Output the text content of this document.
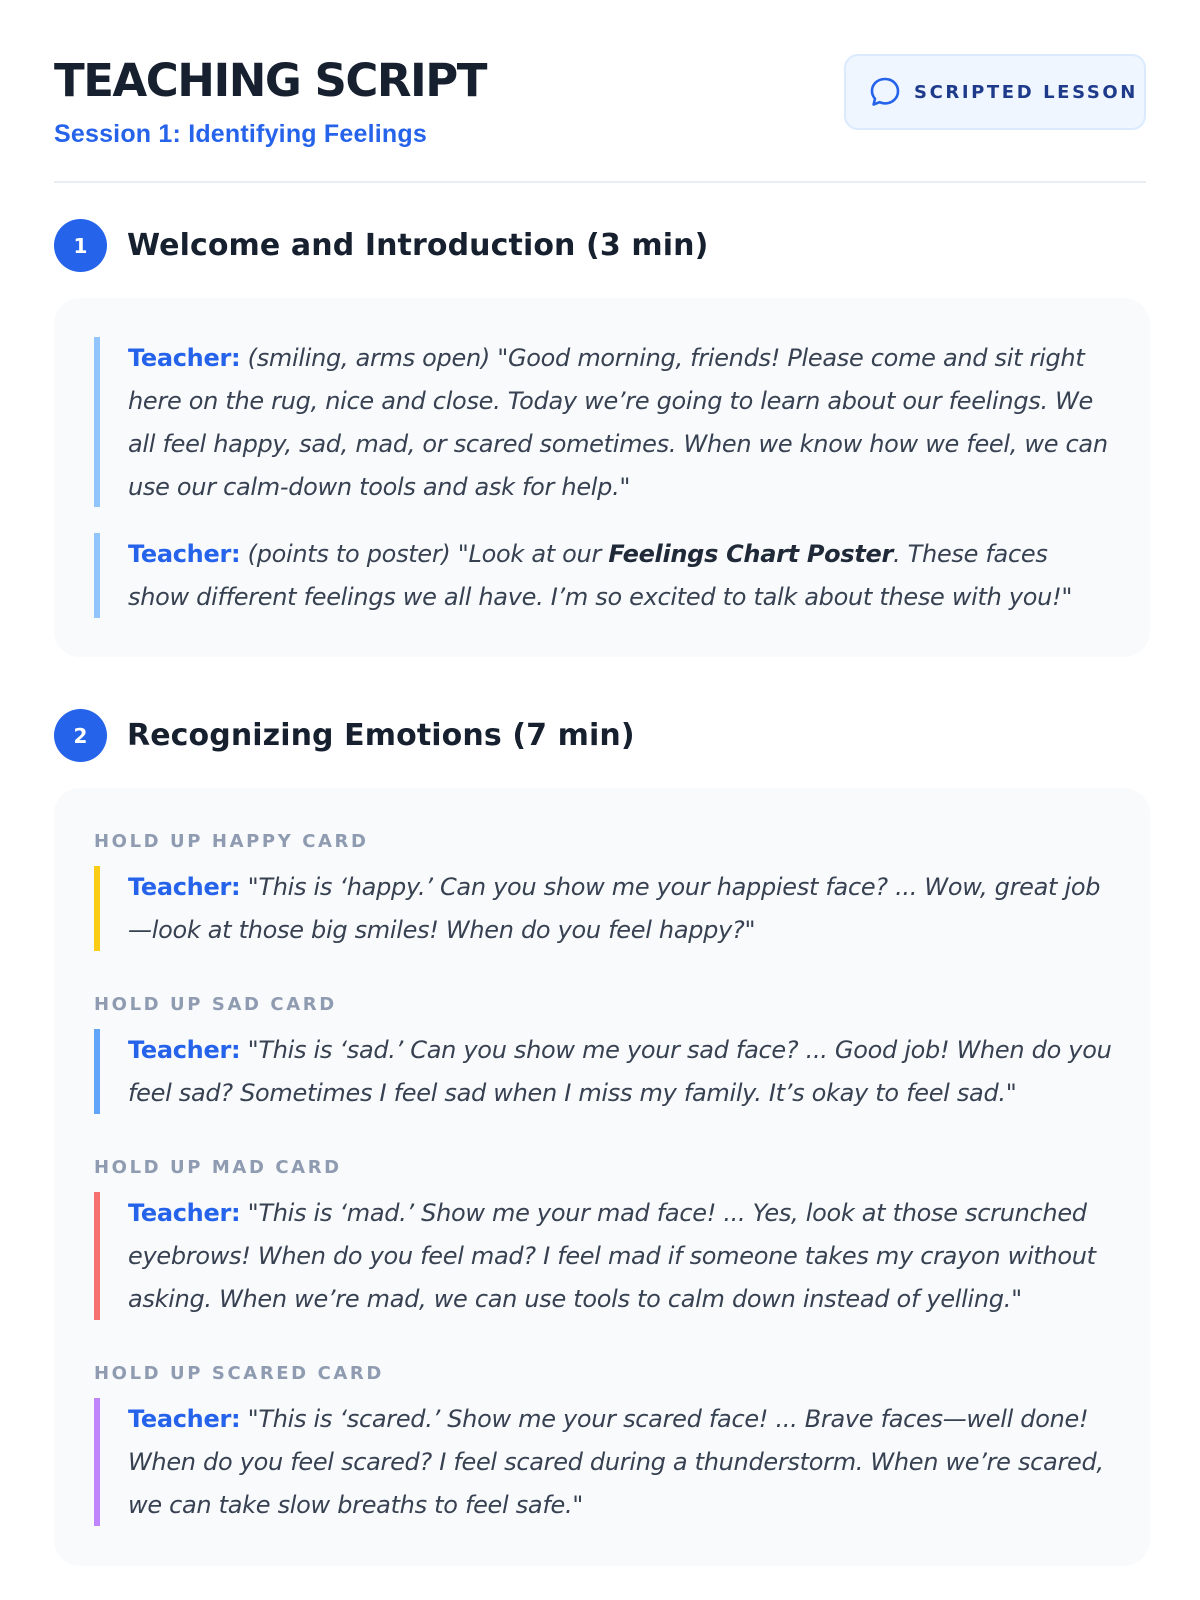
TEACHING SCRIPT
Session 1: Identifying Feelings
SCRIPTED LESSON
1	Welcome and Introduction (3 min)
Teacher: (smiling, arms open) "Good morning, friends! Please come and sit right here on the rug, nice and close. Today we’re going to learn about our feelings. We all feel happy, sad, mad, or scared sometimes. When we know how we feel, we can use our calm-down tools and ask for help."
Teacher: (points to poster) "Look at our Feelings Chart Poster. These faces show different feelings we all have. I’m so excited to talk about these with you!"
2	Recognizing Emotions (7 min)
HOLD UP HAPPY CARD
Teacher: "This is ‘happy.’ Can you show me your happiest face? ... Wow, great job—look at those big smiles! When do you feel happy?"
HOLD UP SAD CARD
Teacher: "This is ‘sad.’ Can you show me your sad face? ... Good job! When do you feel sad? Sometimes I feel sad when I miss my family. It’s okay to feel sad."
HOLD UP MAD CARD
Teacher: "This is ‘mad.’ Show me your mad face! ... Yes, look at those scrunched eyebrows! When do you feel mad? I feel mad if someone takes my crayon without asking. When we’re mad, we can use tools to calm down instead of yelling."
HOLD UP SCARED CARD
Teacher: "This is ‘scared.’ Show me your scared face! ... Brave faces—well done! When do you feel scared? I feel scared during a thunderstorm. When we’re scared, we can take slow breaths to feel safe."
